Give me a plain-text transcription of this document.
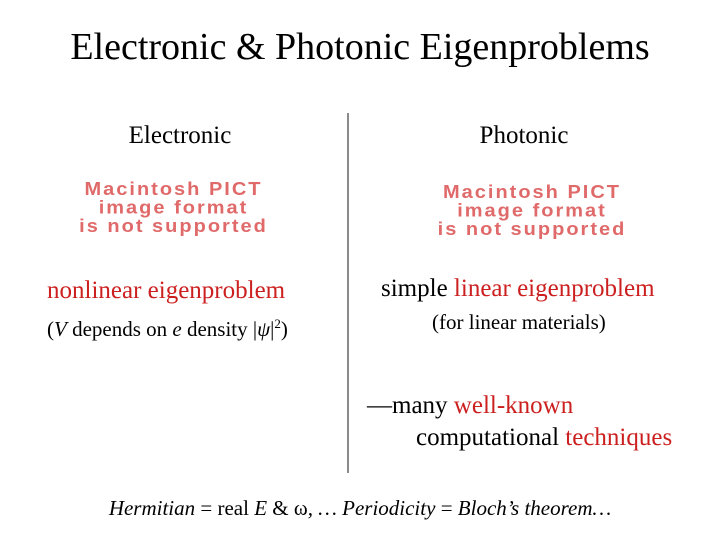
Electronic & Photonic Eigenproblems
Electronic
Macintosh PICT
image format
is not supported
nonlinear eigenproblem
(V depends on e density $|\psi|^2$)
Photonic
Macintosh PICT
image format
is not supported
simple linear eigenproblem
(for linear materials)
—many well-known
computational techniques
Hermitian = real E & ω, … Periodicity = Bloch’s theorem…
